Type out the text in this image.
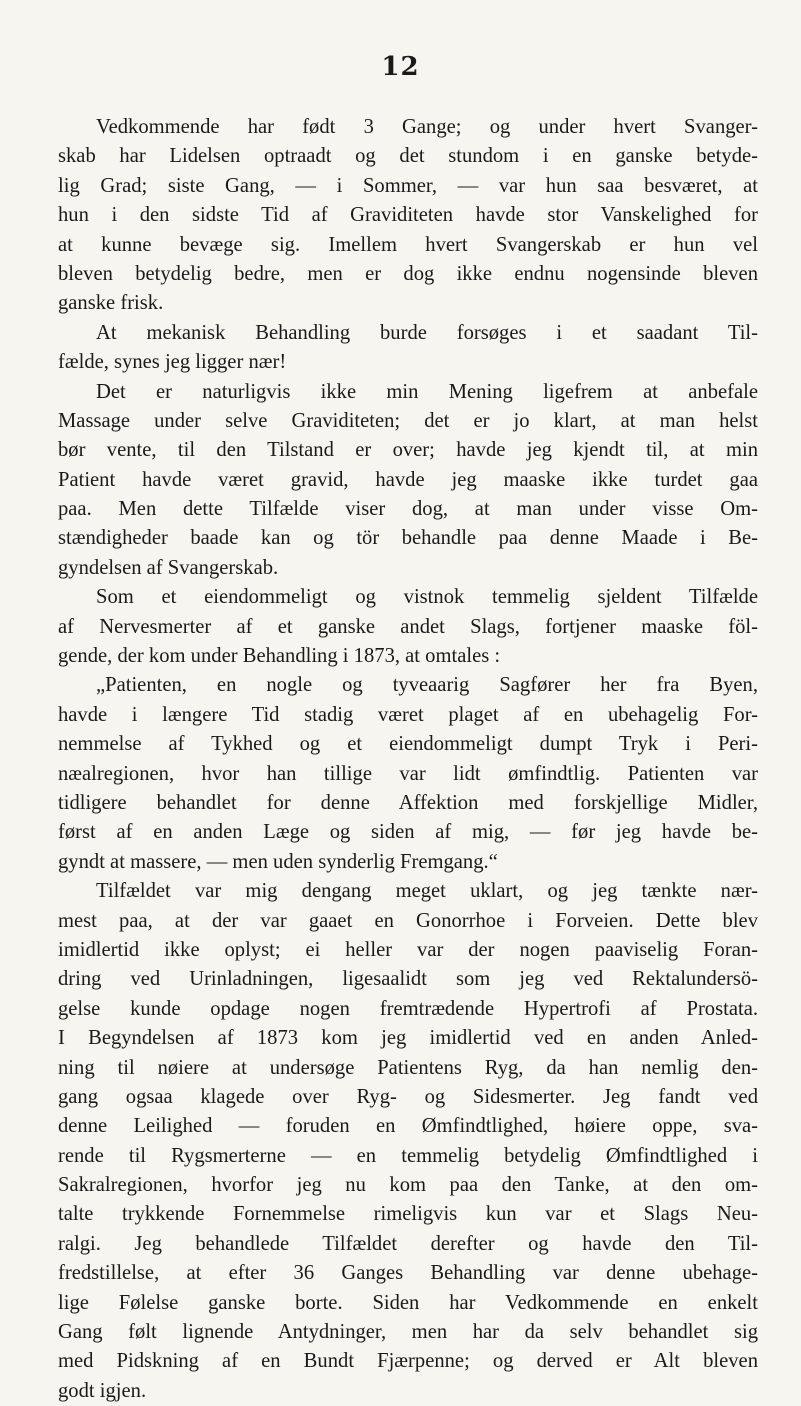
12
Vedkommende har født 3 Gange; og under hvert Svanger-
skab har Lidelsen optraadt og det stundom i en ganske betyde-
lig Grad; siste Gang, — i Sommer, — var hun saa besværet, at
hun i den sidste Tid af Graviditeten havde stor Vanskelighed for
at kunne bevæge sig. Imellem hvert Svangerskab er hun vel
bleven betydelig bedre, men er dog ikke endnu nogensinde bleven
ganske frisk.
At mekanisk Behandling burde forsøges i et saadant Til-
fælde, synes jeg ligger nær!
Det er naturligvis ikke min Mening ligefrem at anbefale
Massage under selve Graviditeten; det er jo klart, at man helst
bør vente, til den Tilstand er over; havde jeg kjendt til, at min
Patient havde været gravid, havde jeg maaske ikke turdet gaa
paa. Men dette Tilfælde viser dog, at man under visse Om-
stændigheder baade kan og tör behandle paa denne Maade i Be-
gyndelsen af Svangerskab.
Som et eiendommeligt og vistnok temmelig sjeldent Tilfælde
af Nervesmerter af et ganske andet Slags, fortjener maaske föl-
gende, der kom under Behandling i 1873, at omtales :
„Patienten, en nogle og tyveaarig Sagfører her fra Byen,
havde i længere Tid stadig været plaget af en ubehagelig For-
nemmelse af Tykhed og et eiendommeligt dumpt Tryk i Peri-
næalregionen, hvor han tillige var lidt ømfindtlig. Patienten var
tidligere behandlet for denne Affektion med forskjellige Midler,
først af en anden Læge og siden af mig, — før jeg havde be-
gyndt at massere, — men uden synderlig Fremgang.“
Tilfældet var mig dengang meget uklart, og jeg tænkte nær-
mest paa, at der var gaaet en Gonorrhoe i Forveien. Dette blev
imidlertid ikke oplyst; ei heller var der nogen paaviselig Foran-
dring ved Urinladningen, ligesaalidt som jeg ved Rektalundersö-
gelse kunde opdage nogen fremtrædende Hypertrofi af Prostata.
I Begyndelsen af 1873 kom jeg imidlertid ved en anden Anled-
ning til nøiere at undersøge Patientens Ryg, da han nemlig den-
gang ogsaa klagede over Ryg- og Sidesmerter. Jeg fandt ved
denne Leilighed — foruden en Ømfindtlighed, høiere oppe, sva-
rende til Rygsmerterne — en temmelig betydelig Ømfindtlighed i
Sakralregionen, hvorfor jeg nu kom paa den Tanke, at den om-
talte trykkende Fornemmelse rimeligvis kun var et Slags Neu-
ralgi. Jeg behandlede Tilfældet derefter og havde den Til-
fredstillelse, at efter 36 Ganges Behandling var denne ubehage-
lige Følelse ganske borte. Siden har Vedkommende en enkelt
Gang følt lignende Antydninger, men har da selv behandlet sig
med Pidskning af en Bundt Fjærpenne; og derved er Alt bleven
godt igjen.
